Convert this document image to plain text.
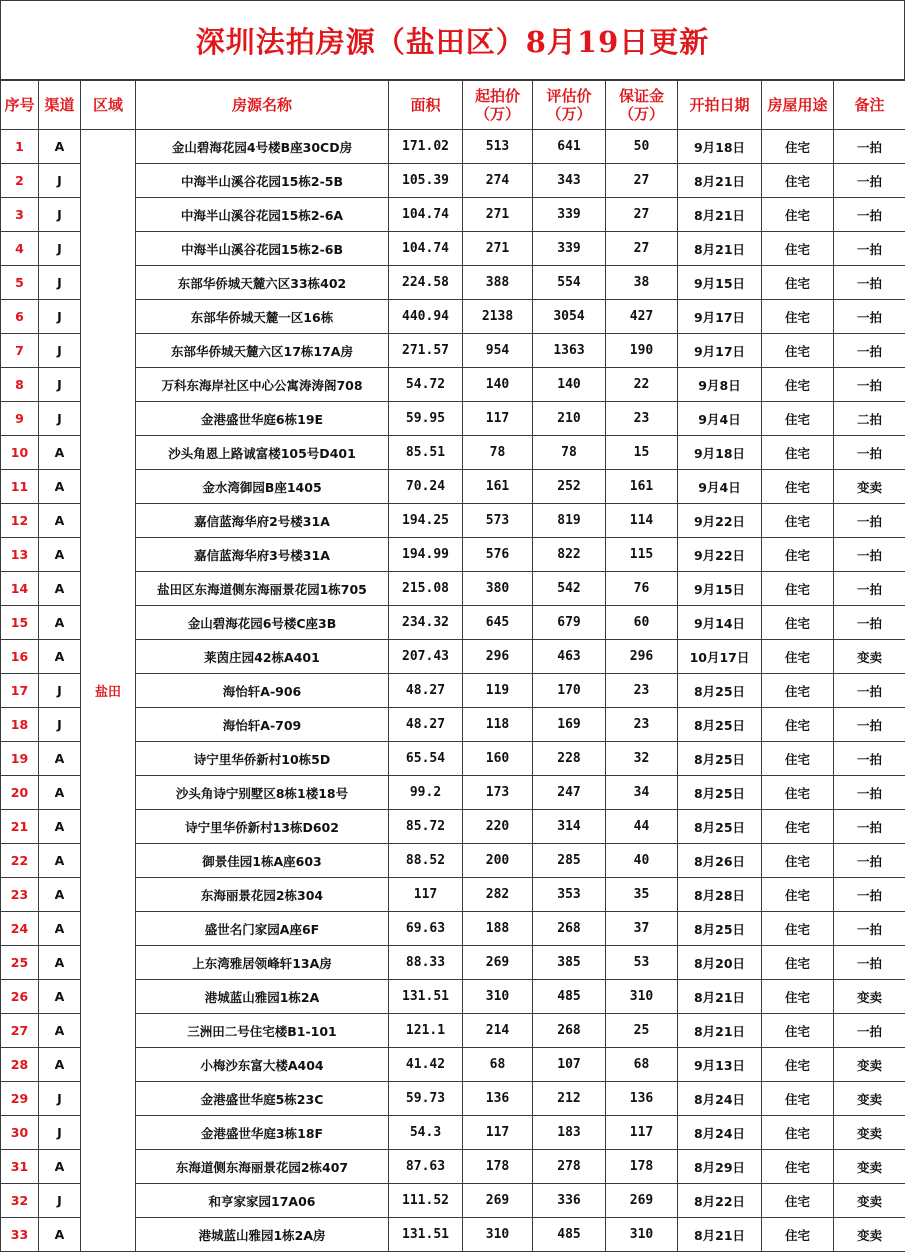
深圳法拍房源（盐田区）8月19日更新
序号	渠道	区域	房源名称	面积	起拍价（万）	评估价（万）	保证金（万）	开拍日期	房屋用途	备注
1	A	盐田	金山碧海花园4号楼B座30CD房	171.02	513	641	50	9月18日	住宅	一拍
2	J		中海半山溪谷花园15栋2-5B	105.39	274	343	27	8月21日	住宅	一拍
3	J		中海半山溪谷花园15栋2-6A	104.74	271	339	27	8月21日	住宅	一拍
4	J		中海半山溪谷花园15栋2-6B	104.74	271	339	27	8月21日	住宅	一拍
5	J		东部华侨城天麓六区33栋402	224.58	388	554	38	9月15日	住宅	一拍
6	J		东部华侨城天麓一区16栋	440.94	2138	3054	427	9月17日	住宅	一拍
7	J		东部华侨城天麓六区17栋17A房	271.57	954	1363	190	9月17日	住宅	一拍
8	J		万科东海岸社区中心公寓涛涛阁708	54.72	140	140	22	9月8日	住宅	一拍
9	J		金港盛世华庭6栋19E	59.95	117	210	23	9月4日	住宅	二拍
10	A		沙头角恩上路诚富楼105号D401	85.51	78	78	15	9月18日	住宅	一拍
11	A		金水湾御园B座1405	70.24	161	252	161	9月4日	住宅	变卖
12	A		嘉信蓝海华府2号楼31A	194.25	573	819	114	9月22日	住宅	一拍
13	A		嘉信蓝海华府3号楼31A	194.99	576	822	115	9月22日	住宅	一拍
14	A		盐田区东海道侧东海丽景花园1栋705	215.08	380	542	76	9月15日	住宅	一拍
15	A		金山碧海花园6号楼C座3B	234.32	645	679	60	9月14日	住宅	一拍
16	A		莱茵庄园42栋A401	207.43	296	463	296	10月17日	住宅	变卖
17	J		海怡轩A-906	48.27	119	170	23	8月25日	住宅	一拍
18	J		海怡轩A-709	48.27	118	169	23	8月25日	住宅	一拍
19	A		诗宁里华侨新村10栋5D	65.54	160	228	32	8月25日	住宅	一拍
20	A		沙头角诗宁别墅区8栋1楼18号	99.2	173	247	34	8月25日	住宅	一拍
21	A		诗宁里华侨新村13栋D602	85.72	220	314	44	8月25日	住宅	一拍
22	A		御景佳园1栋A座603	88.52	200	285	40	8月26日	住宅	一拍
23	A		东海丽景花园2栋304	117	282	353	35	8月28日	住宅	一拍
24	A		盛世名门家园A座6F	69.63	188	268	37	8月25日	住宅	一拍
25	A		上东湾雅居领峰轩13A房	88.33	269	385	53	8月20日	住宅	一拍
26	A		港城蓝山雅园1栋2A	131.51	310	485	310	8月21日	住宅	变卖
27	A		三洲田二号住宅楼B1-101	121.1	214	268	25	8月21日	住宅	一拍
28	A		小梅沙东富大楼A404	41.42	68	107	68	9月13日	住宅	变卖
29	J		金港盛世华庭5栋23C	59.73	136	212	136	8月24日	住宅	变卖
30	J		金港盛世华庭3栋18F	54.3	117	183	117	8月24日	住宅	变卖
31	A		东海道侧东海丽景花园2栋407	87.63	178	278	178	8月29日	住宅	变卖
32	J		和亨家家园17A06	111.52	269	336	269	8月22日	住宅	变卖
33	A		港城蓝山雅园1栋2A房	131.51	310	485	310	8月21日	住宅	变卖
